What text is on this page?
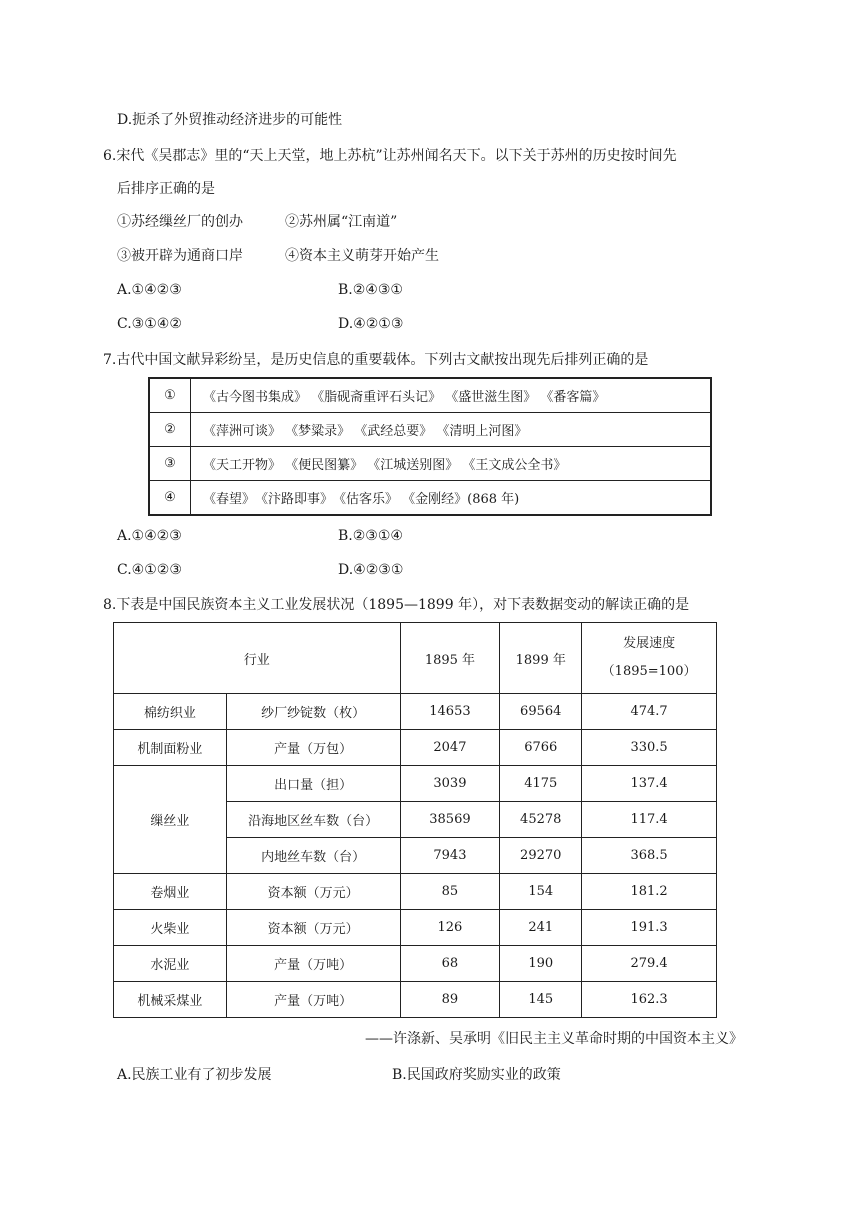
D.扼杀了外贸推动经济进步的可能性
6.宋代《吴郡志》里的“天上天堂，地上苏杭”让苏州闻名天下。以下关于苏州的历史按时间先
后排序正确的是
①苏经缫丝厂的创办	②苏州属“江南道”
③被开辟为通商口岸	④资本主义萌芽开始产生
A.①④②③	B.②④③①
C.③①④②	D.④②①③
7.古代中国文献异彩纷呈，是历史信息的重要载体。下列古文献按出现先后排列正确的是
①	《古今图书集成》 《脂砚斋重评石头记》 《盛世滋生图》 《番客篇》
②	《萍洲可谈》 《梦粱录》 《武经总要》 《清明上河图》
③	《天工开物》 《便民图纂》 《江城送别图》 《王文成公全书》
④	《春望》　《汴路即事》　《估客乐》 《金刚经》(868 年)
A.①④②③	B.②③①④
C.④①②③	D.④②③①
8.下表是中国民族资本主义工业发展状况（1895—1899 年），对下表数据变动的解读正确的是
行业		1895 年	1899 年	发展速度
（1895=100）

棉纺织业	纱厂纱锭数（枚）	14653	69564	474.7
机制面粉业	产量（万包）	2047	6766	330.5
缫丝业	出口量（担）	3039	4175	137.4
	沿海地区丝车数（台）	38569	45278	117.4
	内地丝车数（台）	7943	29270	368.5
卷烟业	资本额（万元）	85	154	181.2
火柴业	资本额（万元）	126	241	191.3
水泥业	产量（万吨）	68	190	279.4
机械采煤业	产量（万吨）	89	145	162.3
——许涤新、吴承明《旧民主主义革命时期的中国资本主义》
A.民族工业有了初步发展	B.民国政府奖励实业的政策
